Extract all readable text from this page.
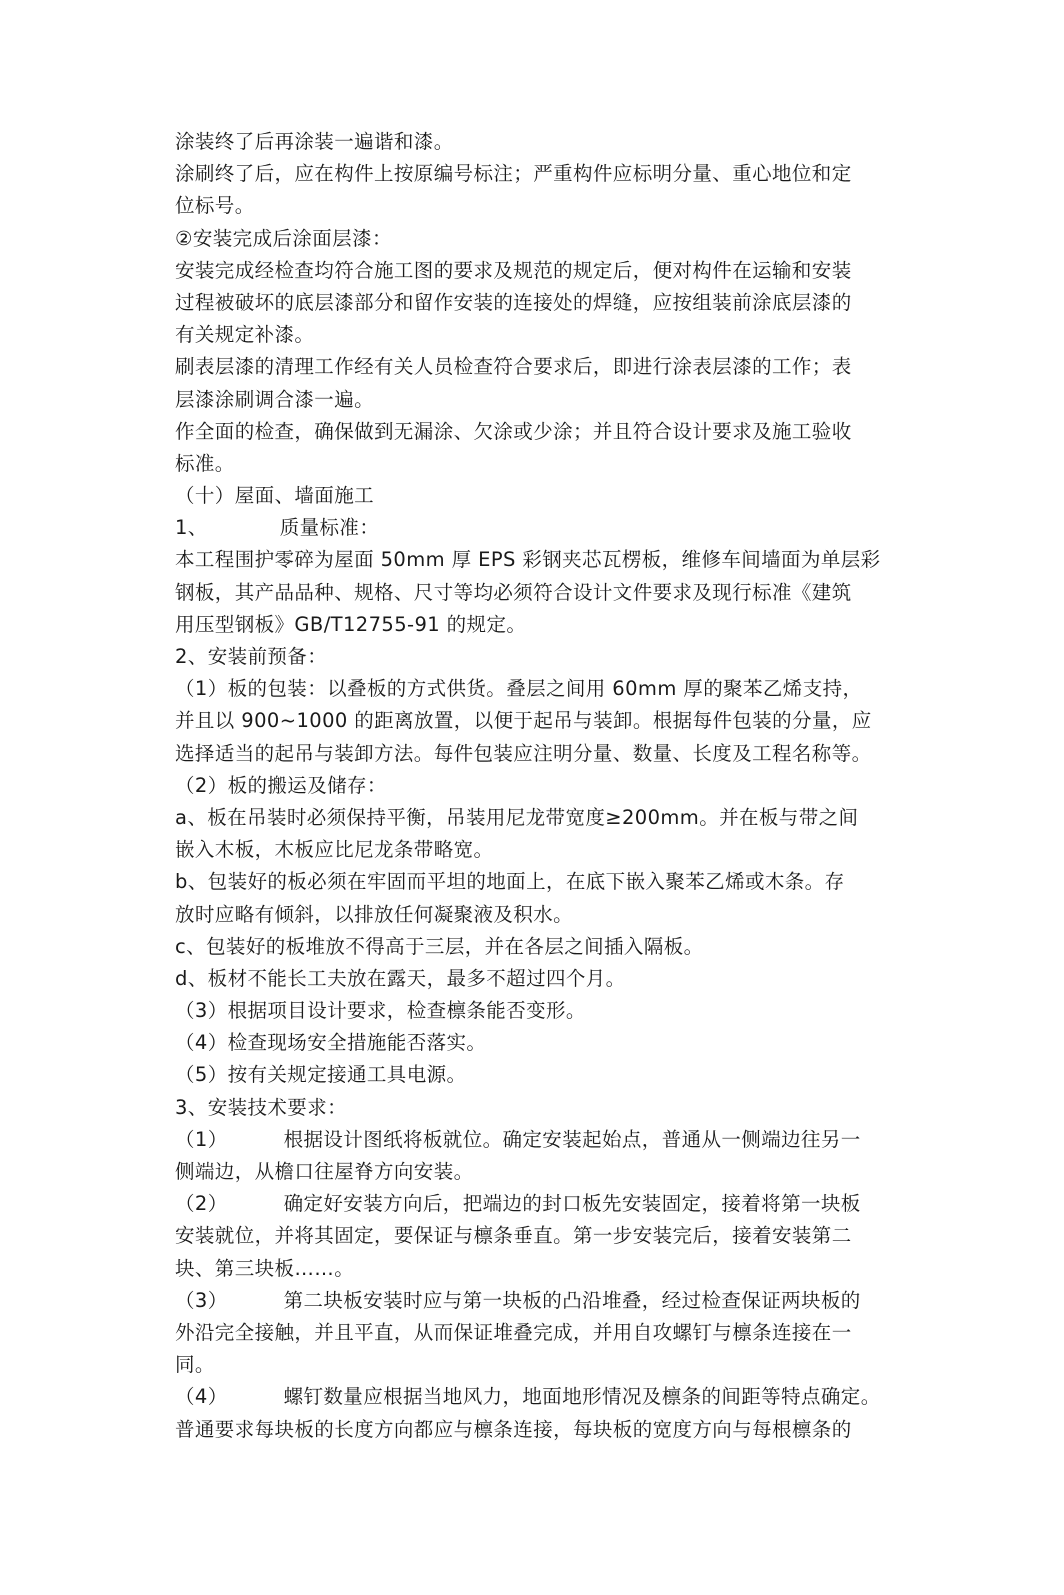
涂装终了后再涂装一遍谐和漆。
涂刷终了后，应在构件上按原编号标注；严重构件应标明分量、重心地位和定
位标号。
②安装完成后涂面层漆：
安装完成经检查均符合施工图的要求及规范的规定后，便对构件在运输和安装
过程被破坏的底层漆部分和留作安装的连接处的焊缝，应按组装前涂底层漆的
有关规定补漆。
刷表层漆的清理工作经有关人员检查符合要求后，即进行涂表层漆的工作；表
层漆涂刷调合漆一遍。
作全面的检查，确保做到无漏涂、欠涂或少涂；并且符合设计要求及施工验收
标准。
（十）屋面、墙面施工
1、	质量标准：
本工程围护零碎为屋面 50mm 厚 EPS 彩钢夹芯瓦楞板，维修车间墙面为单层彩
钢板，其产品品种、规格、尺寸等均必须符合设计文件要求及现行标准《建筑
用压型钢板》GB/T12755-91 的规定。
2、安装前预备：
（1）板的包装：以叠板的方式供货。叠层之间用 60mm 厚的聚苯乙烯支持，
并且以 900~1000 的距离放置，以便于起吊与装卸。根据每件包装的分量，应
选择适当的起吊与装卸方法。每件包装应注明分量、数量、长度及工程名称等。
（2）板的搬运及储存：
a、板在吊装时必须保持平衡，吊装用尼龙带宽度≥200mm。并在板与带之间
嵌入木板，木板应比尼龙条带略宽。
b、包装好的板必须在牢固而平坦的地面上，在底下嵌入聚苯乙烯或木条。存
放时应略有倾斜，以排放任何凝聚液及积水。
c、包装好的板堆放不得高于三层，并在各层之间插入隔板。
d、板材不能长工夫放在露天，最多不超过四个月。
（3）根据项目设计要求，检查檩条能否变形。
（4）检查现场安全措施能否落实。
（5）按有关规定接通工具电源。
3、安装技术要求：
（1）	根据设计图纸将板就位。确定安装起始点，普通从一侧端边往另一
侧端边，从檐口往屋脊方向安装。
（2）	确定好安装方向后，把端边的封口板先安装固定，接着将第一块板
安装就位，并将其固定，要保证与檩条垂直。第一步安装完后，接着安装第二
块、第三块板……。
（3）	第二块板安装时应与第一块板的凸沿堆叠，经过检查保证两块板的
外沿完全接触，并且平直，从而保证堆叠完成，并用自攻螺钉与檩条连接在一
同。
（4）	螺钉数量应根据当地风力，地面地形情况及檩条的间距等特点确定。
普通要求每块板的长度方向都应与檩条连接，每块板的宽度方向与每根檩条的
